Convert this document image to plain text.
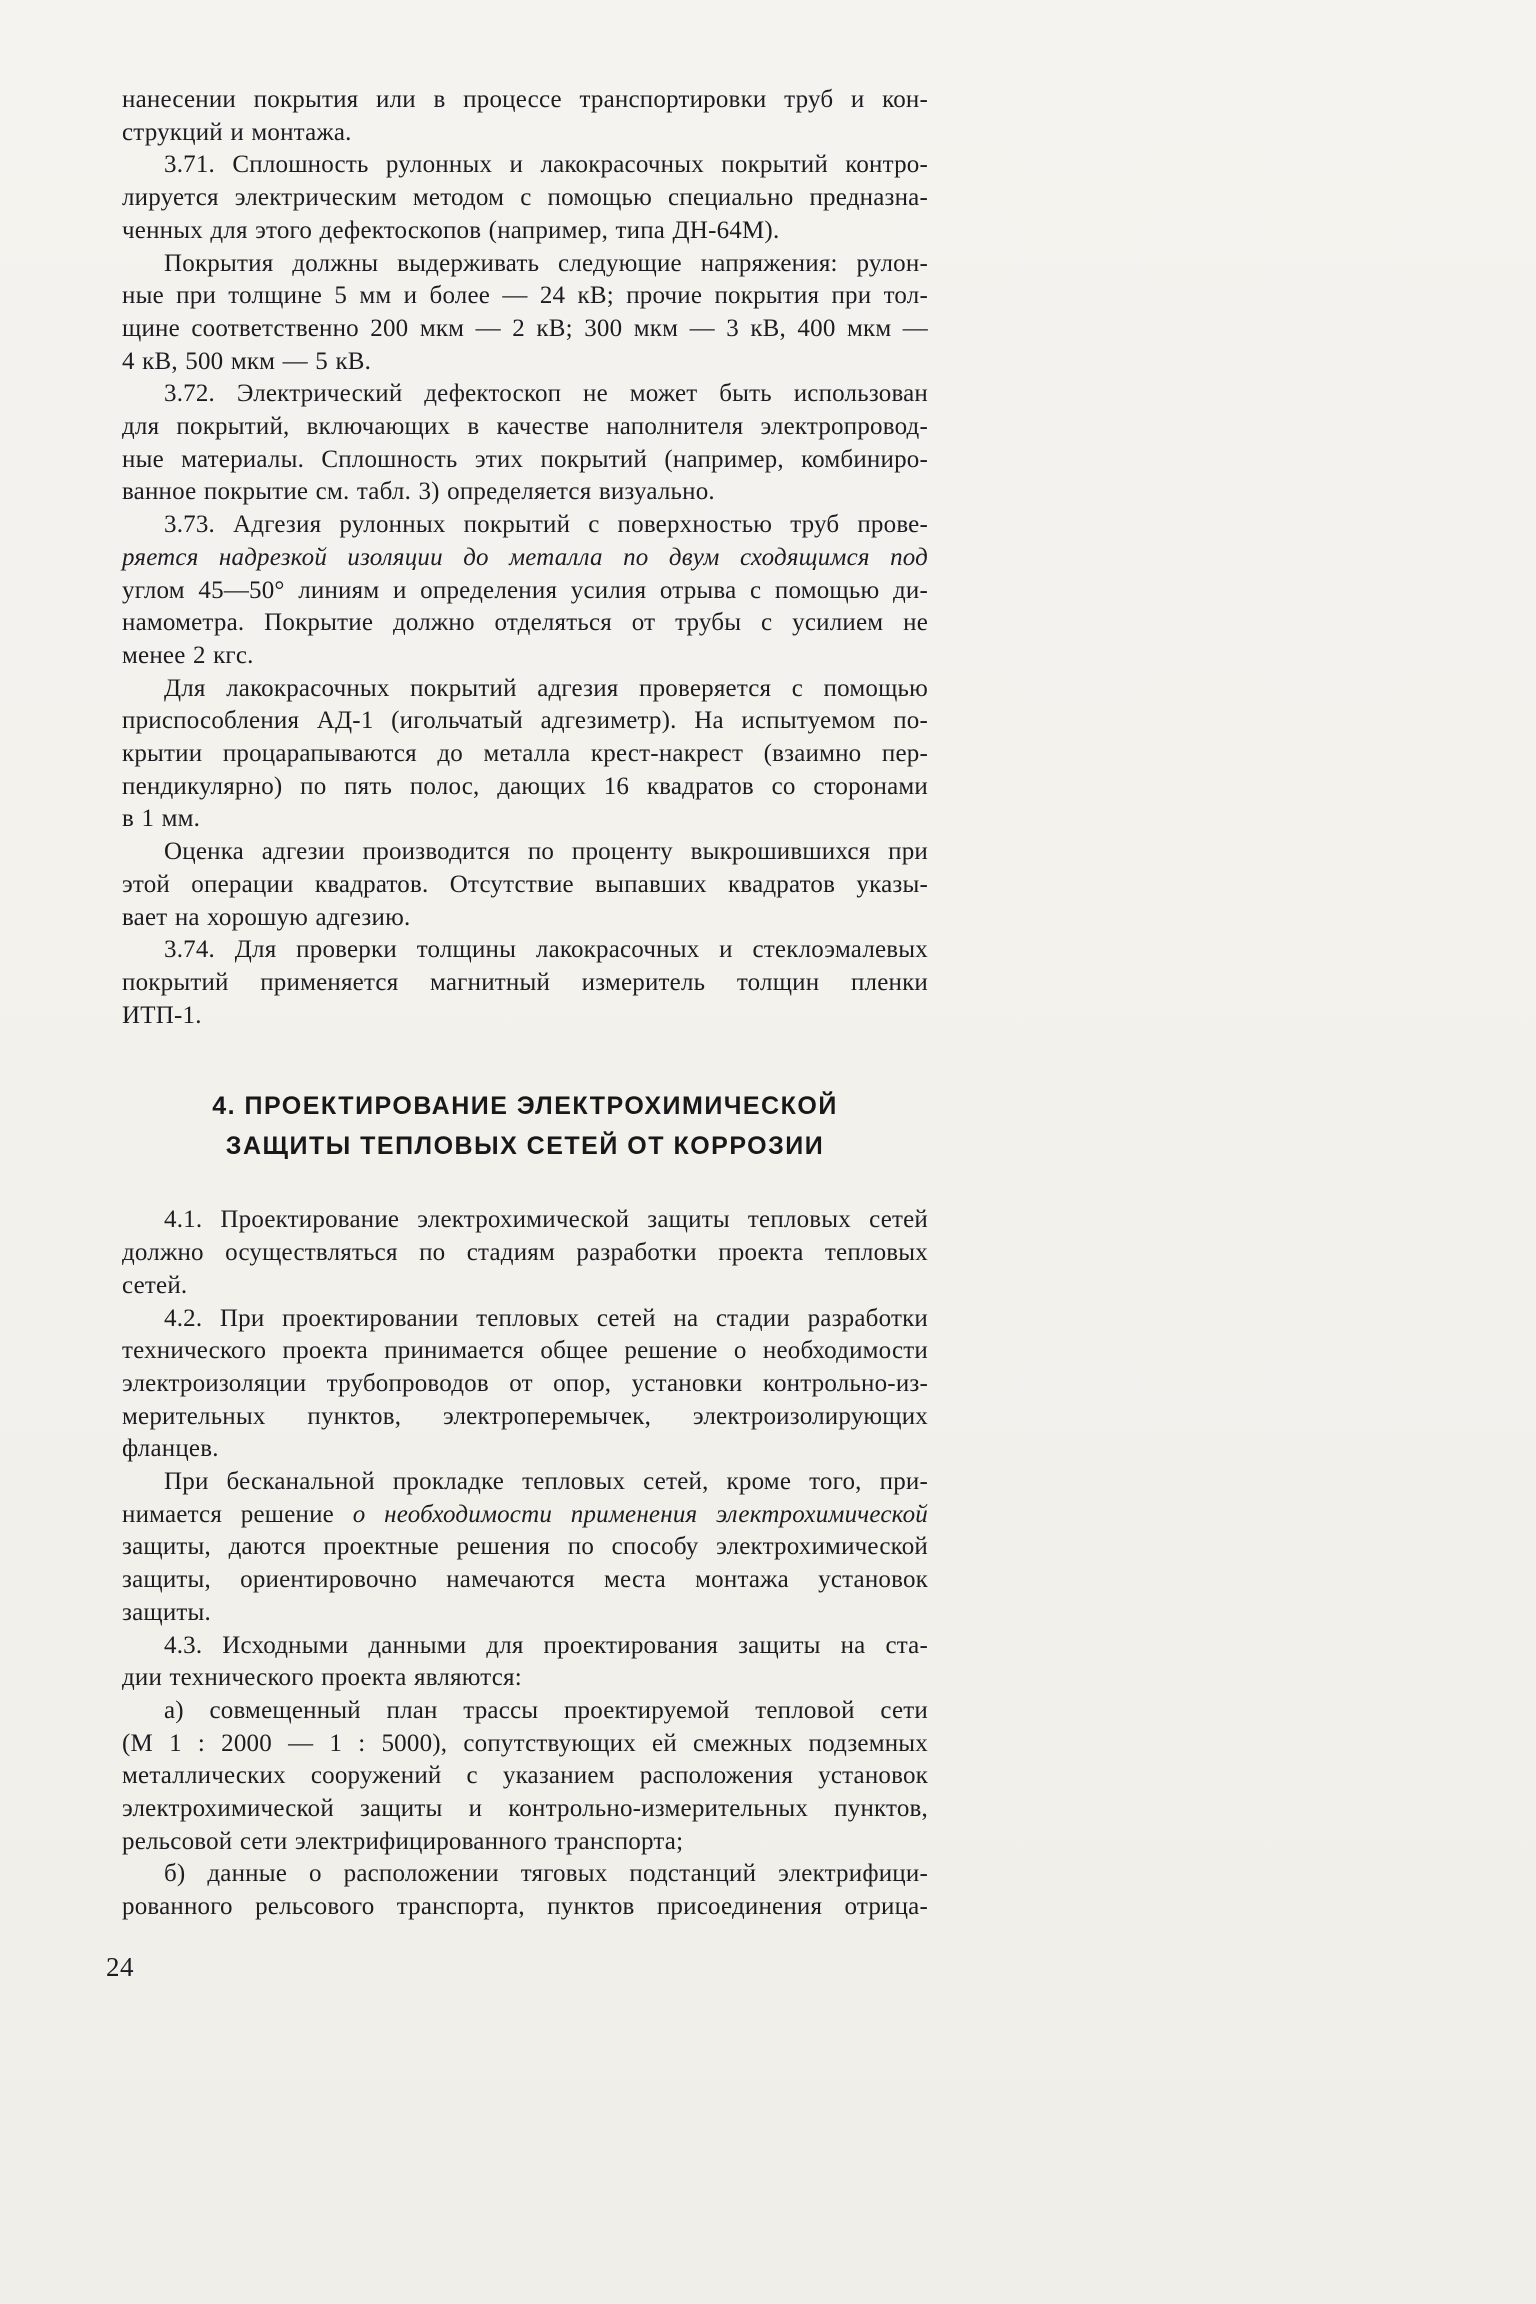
нанесении покрытия или в процессе транспортировки труб и кон-
струкций и монтажа.
3.71. Сплошность рулонных и лакокрасочных покрытий контро-
лируется электрическим методом с помощью специально предназна-
ченных для этого дефектоскопов (например, типа ДН-64М).
Покрытия должны выдерживать следующие напряжения: рулон-
ные при толщине 5 мм и более — 24 кВ; прочие покрытия при тол-
щине соответственно 200 мкм — 2 кВ; 300 мкм — 3 кВ, 400 мкм —
4 кВ, 500 мкм — 5 кВ.
3.72. Электрический дефектоскоп не может быть использован
для покрытий, включающих в качестве наполнителя электропровод-
ные материалы. Сплошность этих покрытий (например, комбиниро-
ванное покрытие см. табл. 3) определяется визуально.
3.73. Адгезия рулонных покрытий с поверхностью труб прове-
ряется надрезкой изоляции до металла по двум сходящимся под
углом 45—50° линиям и определения усилия отрыва с помощью ди-
намометра. Покрытие должно отделяться от трубы с усилием не
менее 2 кгс.
Для лакокрасочных покрытий адгезия проверяется с помощью
приспособления АД-1 (игольчатый адгезиметр). На испытуемом по-
крытии процарапываются до металла крест-накрест (взаимно пер-
пендикулярно) по пять полос, дающих 16 квадратов со сторонами
в 1 мм.
Оценка адгезии производится по проценту выкрошившихся при
этой операции квадратов. Отсутствие выпавших квадратов указы-
вает на хорошую адгезию.
3.74. Для проверки толщины лакокрасочных и стеклоэмалевых
покрытий применяется магнитный измеритель толщин пленки
ИТП-1.
4. ПРОЕКТИРОВАНИЕ ЭЛЕКТРОХИМИЧЕСКОЙ
ЗАЩИТЫ ТЕПЛОВЫХ СЕТЕЙ ОТ КОРРОЗИИ
4.1. Проектирование электрохимической защиты тепловых сетей
должно осуществляться по стадиям разработки проекта тепловых
сетей.
4.2. При проектировании тепловых сетей на стадии разработки
технического проекта принимается общее решение о необходимости
электроизоляции трубопроводов от опор, установки контрольно-из-
мерительных пунктов, электроперемычек, электроизолирующих
фланцев.
При бесканальной прокладке тепловых сетей, кроме того, при-
нимается решение о необходимости применения электрохимической
защиты, даются проектные решения по способу электрохимической
защиты, ориентировочно намечаются места монтажа установок
защиты.
4.3. Исходными данными для проектирования защиты на ста-
дии технического проекта являются:
а) совмещенный план трассы проектируемой тепловой сети
(М 1 : 2000 — 1 : 5000), сопутствующих ей смежных подземных
металлических сооружений с указанием расположения установок
электрохимической защиты и контрольно-измерительных пунктов,
рельсовой сети электрифицированного транспорта;
б) данные о расположении тяговых подстанций электрифици-
рованного рельсового транспорта, пунктов присоединения отрица-
24
